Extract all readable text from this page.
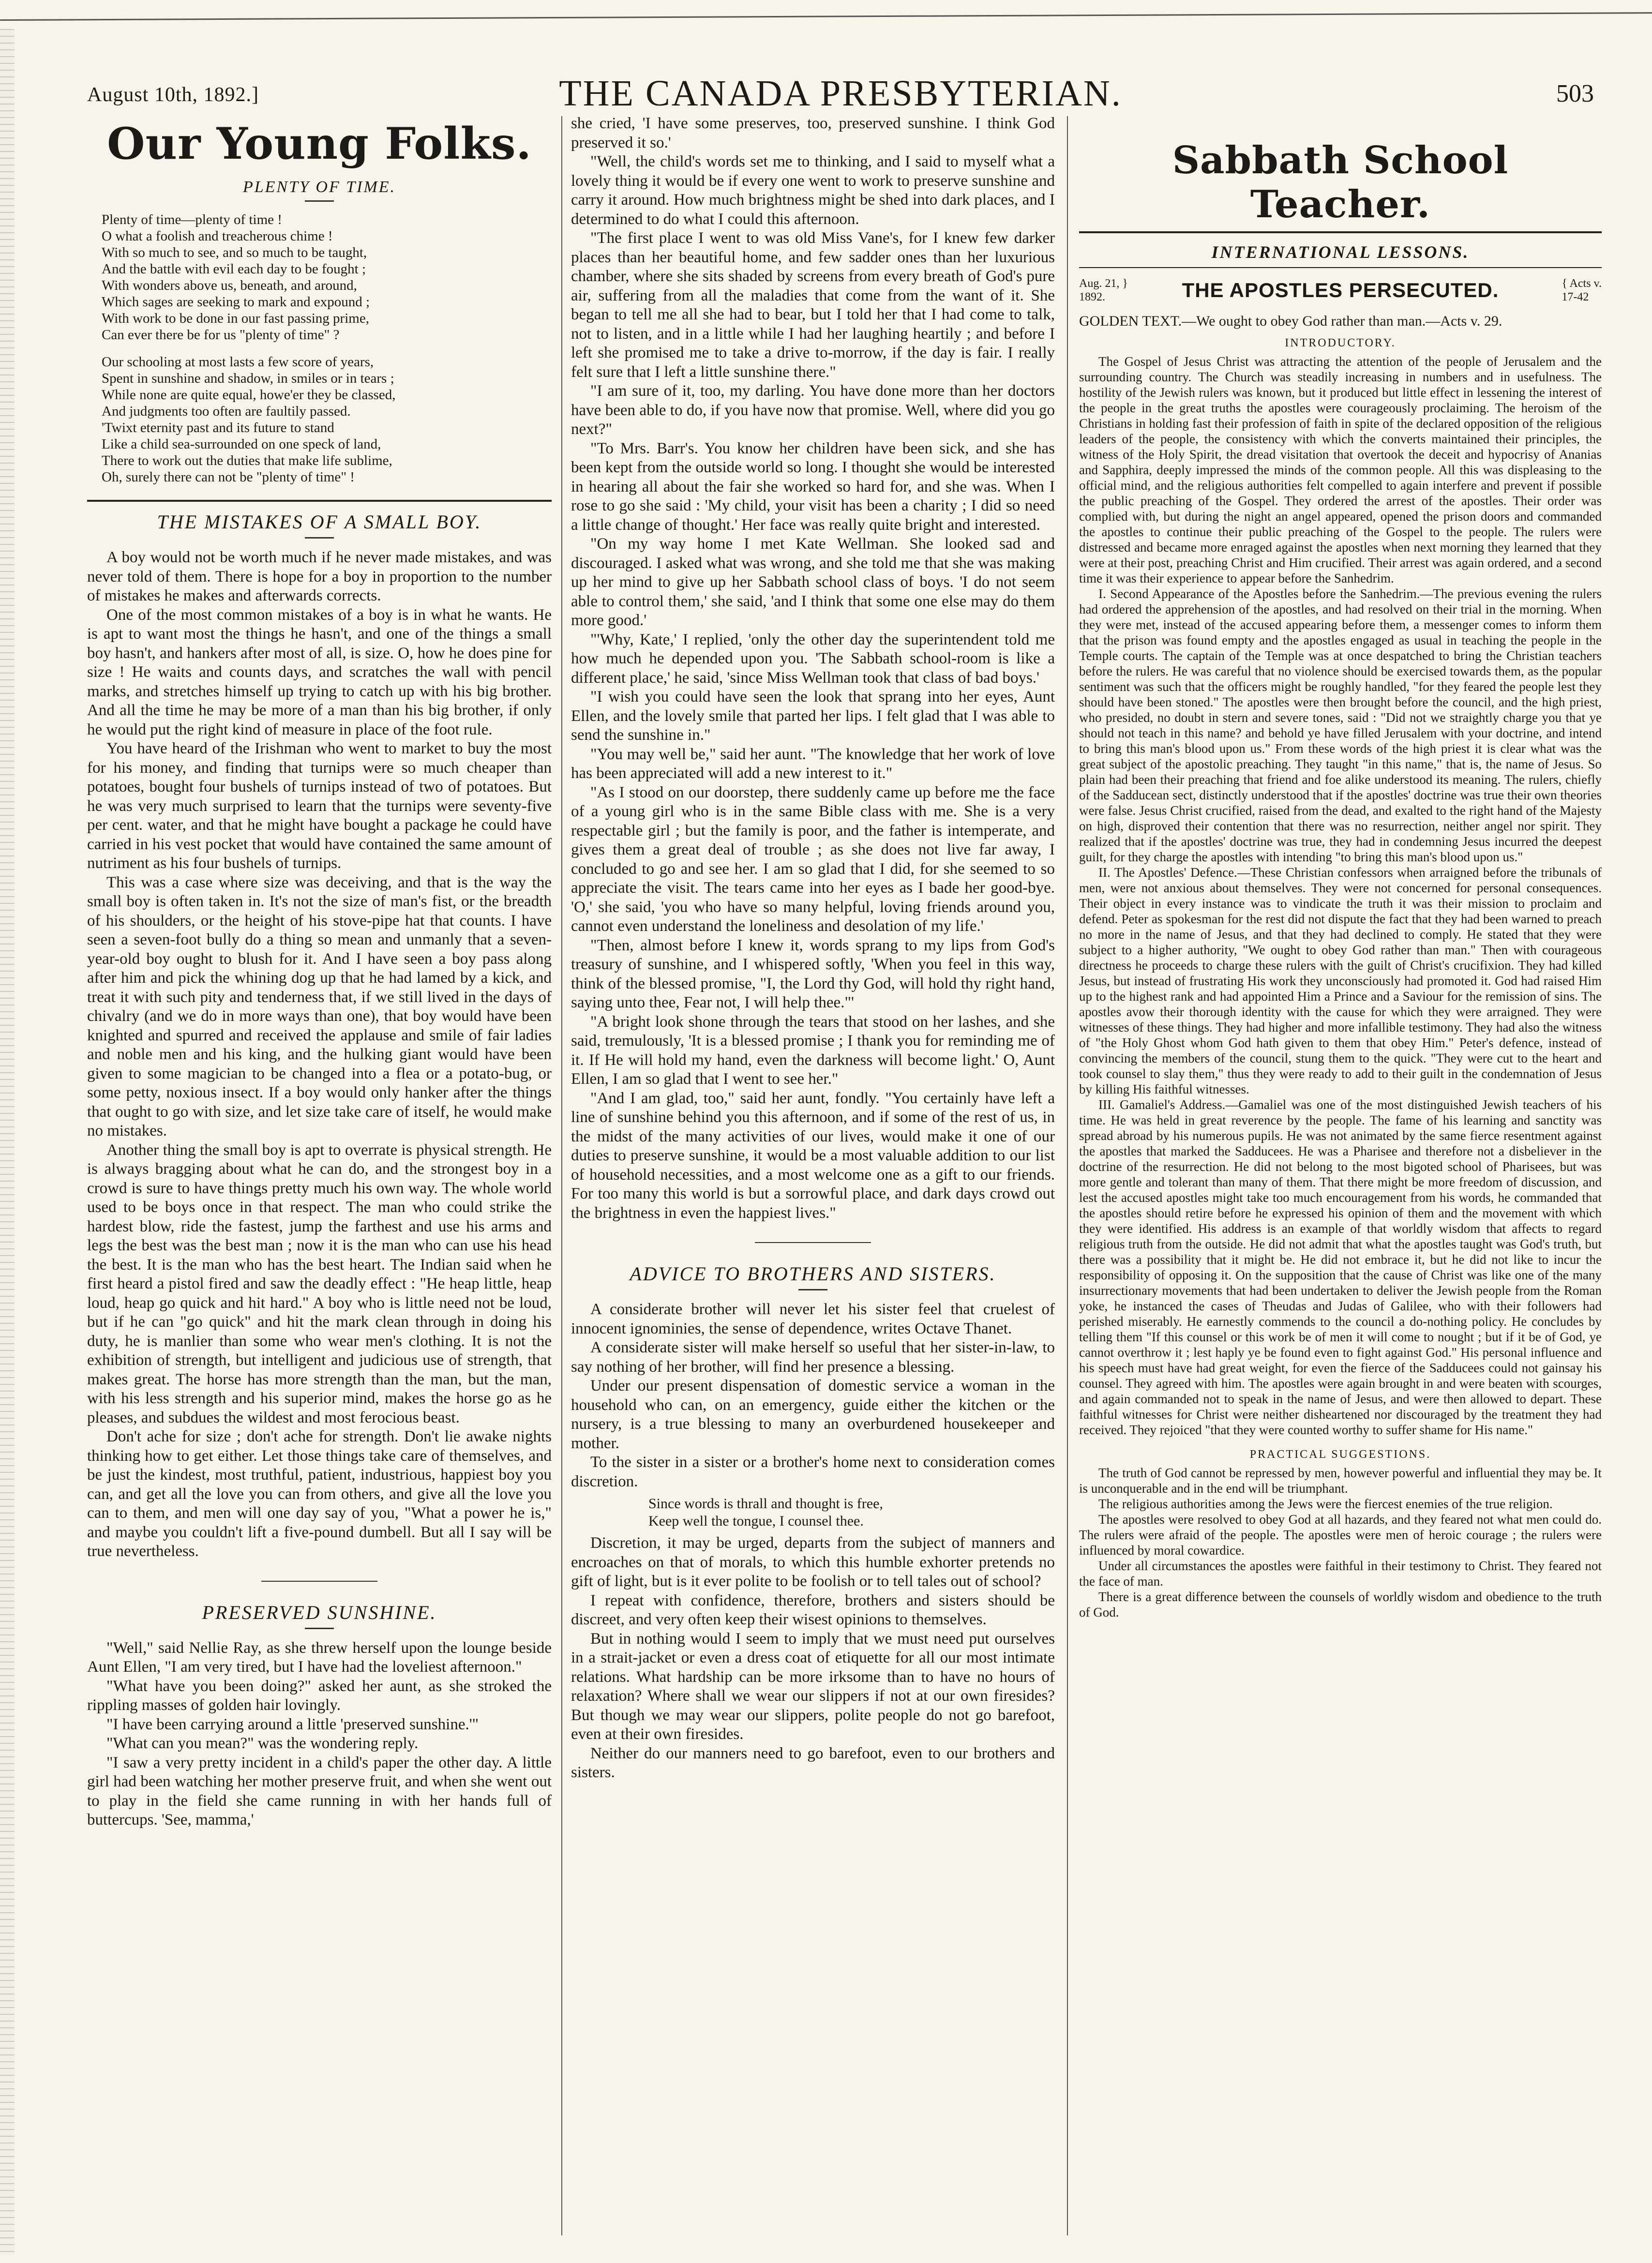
August 10th, 1892.]	THE CANADA PRESBYTERIAN.	503
Our Young Folks.
PLENTY OF TIME.
Plenty of time—plenty of time !
O what a foolish and treacherous chime !
With so much to see, and so much to be taught,
And the battle with evil each day to be fought ;
With wonders above us, beneath, and around,
Which sages are seeking to mark and expound ;
With work to be done in our fast passing prime,
Can ever there be for us "plenty of time" ?
Our schooling at most lasts a few score of years,
Spent in sunshine and shadow, in smiles or in tears ;
While none are quite equal, howe'er they be classed,
And judgments too often are faultily passed.
'Twixt eternity past and its future to stand
Like a child sea-surrounded on one speck of land,
There to work out the duties that make life sublime,
Oh, surely there can not be "plenty of time" !
THE MISTAKES OF A SMALL BOY.

A boy would not be worth much if he never made mistakes, and was never told of them. There is hope for a boy in proportion to the number of mistakes he makes and afterwards corrects.

One of the most common mistakes of a boy is in what he wants. He is apt to want most the things he hasn't, and one of the things a small boy hasn't, and hankers after most of all, is size. O, how he does pine for size ! He waits and counts days, and scratches the wall with pencil marks, and stretches himself up trying to catch up with his big brother. And all the time he may be more of a man than his big brother, if only he would put the right kind of measure in place of the foot rule.

You have heard of the Irishman who went to market to buy the most for his money, and finding that turnips were so much cheaper than potatoes, bought four bushels of turnips instead of two of potatoes. But he was very much surprised to learn that the turnips were seventy-five per cent. water, and that he might have bought a package he could have carried in his vest pocket that would have contained the same amount of nutriment as his four bushels of turnips.

This was a case where size was deceiving, and that is the way the small boy is often taken in. It's not the size of man's fist, or the breadth of his shoulders, or the height of his stove-pipe hat that counts. I have seen a seven-foot bully do a thing so mean and unmanly that a seven-year-old boy ought to blush for it. And I have seen a boy pass along after him and pick the whining dog up that he had lamed by a kick, and treat it with such pity and tenderness that, if we still lived in the days of chivalry (and we do in more ways than one), that boy would have been knighted and spurred and received the applause and smile of fair ladies and noble men and his king, and the hulking giant would have been given to some magician to be changed into a flea or a potato-bug, or some petty, noxious insect. If a boy would only hanker after the things that ought to go with size, and let size take care of itself, he would make no mistakes.

Another thing the small boy is apt to overrate is physical strength. He is always bragging about what he can do, and the strongest boy in a crowd is sure to have things pretty much his own way. The whole world used to be boys once in that respect. The man who could strike the hardest blow, ride the fastest, jump the farthest and use his arms and legs the best was the best man ; now it is the man who can use his head the best. It is the man who has the best heart. The Indian said when he first heard a pistol fired and saw the deadly effect : "He heap little, heap loud, heap go quick and hit hard." A boy who is little need not be loud, but if he can "go quick" and hit the mark clean through in doing his duty, he is manlier than some who wear men's clothing. It is not the exhibition of strength, but intelligent and judicious use of strength, that makes great. The horse has more strength than the man, but the man, with his less strength and his superior mind, makes the horse go as he pleases, and subdues the wildest and most ferocious beast.

Don't ache for size ; don't ache for strength. Don't lie awake nights thinking how to get either. Let those things take care of themselves, and be just the kindest, most truthful, patient, industrious, happiest boy you can, and get all the love you can from others, and give all the love you can to them, and men will one day say of you, "What a power he is," and maybe you couldn't lift a five-pound dumbell. But all I say will be true nevertheless.

PRESERVED SUNSHINE.

"Well," said Nellie Ray, as she threw herself upon the lounge beside Aunt Ellen, "I am very tired, but I have had the loveliest afternoon."

"What have you been doing?" asked her aunt, as she stroked the rippling masses of golden hair lovingly.

"I have been carrying around a little 'preserved sunshine.'"

"What can you mean?" was the wondering reply.

"I saw a very pretty incident in a child's paper the other day. A little girl had been watching her mother preserve fruit, and when she went out to play in the field she came running in with her hands full of buttercups. 'See, mamma,'

she cried, 'I have some preserves, too, preserved sunshine. I think God preserved it so.'

"Well, the child's words set me to thinking, and I said to myself what a lovely thing it would be if every one went to work to preserve sunshine and carry it around. How much brightness might be shed into dark places, and I determined to do what I could this afternoon.

"The first place I went to was old Miss Vane's, for I knew few darker places than her beautiful home, and few sadder ones than her luxurious chamber, where she sits shaded by screens from every breath of God's pure air, suffering from all the maladies that come from the want of it. She began to tell me all she had to bear, but I told her that I had come to talk, not to listen, and in a little while I had her laughing heartily ; and before I left she promised me to take a drive to-morrow, if the day is fair. I really felt sure that I left a little sunshine there."

"I am sure of it, too, my darling. You have done more than her doctors have been able to do, if you have now that promise. Well, where did you go next?"

"To Mrs. Barr's. You know her children have been sick, and she has been kept from the outside world so long. I thought she would be interested in hearing all about the fair she worked so hard for, and she was. When I rose to go she said : 'My child, your visit has been a charity ; I did so need a little change of thought.' Her face was really quite bright and interested.

"On my way home I met Kate Wellman. She looked sad and discouraged. I asked what was wrong, and she told me that she was making up her mind to give up her Sabbath school class of boys. 'I do not seem able to control them,' she said, 'and I think that some one else may do them more good.'

"'Why, Kate,' I replied, 'only the other day the superintendent told me how much he depended upon you. 'The Sabbath school-room is like a different place,' he said, 'since Miss Wellman took that class of bad boys.'

"I wish you could have seen the look that sprang into her eyes, Aunt Ellen, and the lovely smile that parted her lips. I felt glad that I was able to send the sunshine in."

"You may well be," said her aunt. "The knowledge that her work of love has been appreciated will add a new interest to it."

"As I stood on our doorstep, there suddenly came up before me the face of a young girl who is in the same Bible class with me. She is a very respectable girl ; but the family is poor, and the father is intemperate, and gives them a great deal of trouble ; as she does not live far away, I concluded to go and see her. I am so glad that I did, for she seemed to so appreciate the visit. The tears came into her eyes as I bade her good-bye. 'O,' she said, 'you who have so many helpful, loving friends around you, cannot even understand the loneliness and desolation of my life.'

"Then, almost before I knew it, words sprang to my lips from God's treasury of sunshine, and I whispered softly, 'When you feel in this way, think of the blessed promise, "I, the Lord thy God, will hold thy right hand, saying unto thee, Fear not, I will help thee."'

"A bright look shone through the tears that stood on her lashes, and she said, tremulously, 'It is a blessed promise ; I thank you for reminding me of it. If He will hold my hand, even the darkness will become light.' O, Aunt Ellen, I am so glad that I went to see her."

"And I am glad, too," said her aunt, fondly. "You certainly have left a line of sunshine behind you this afternoon, and if some of the rest of us, in the midst of the many activities of our lives, would make it one of our duties to preserve sunshine, it would be a most valuable addition to our list of household necessities, and a most welcome one as a gift to our friends. For too many this world is but a sorrowful place, and dark days crowd out the brightness in even the happiest lives."

ADVICE TO BROTHERS AND SISTERS.

A considerate brother will never let his sister feel that cruelest of innocent ignominies, the sense of dependence, writes Octave Thanet.

A considerate sister will make herself so useful that her sister-in-law, to say nothing of her brother, will find her presence a blessing.

Under our present dispensation of domestic service a woman in the household who can, on an emergency, guide either the kitchen or the nursery, is a true blessing to many an overburdened housekeeper and mother.

To the sister in a sister or a brother's home next to consideration comes discretion.

Since words is thrall and thought is free,
Keep well the tongue, I counsel thee.

Discretion, it may be urged, departs from the subject of manners and encroaches on that of morals, to which this humble exhorter pretends no gift of light, but is it ever polite to be foolish or to tell tales out of school?

I repeat with confidence, therefore, brothers and sisters should be discreet, and very often keep their wisest opinions to themselves.

But in nothing would I seem to imply that we must need put ourselves in a strait-jacket or even a dress coat of etiquette for all our most intimate relations. What hardship can be more irksome than to have no hours of relaxation? Where shall we wear our slippers if not at our own firesides? But though we may wear our slippers, polite people do not go barefoot, even at their own firesides.

Neither do our manners need to go barefoot, even to our brothers and sisters.

Sabbath School Teacher.
INTERNATIONAL LESSONS.
Aug. 21, }
1892.	THE APOSTLES PERSECUTED.	{ Acts v.
17-42
GOLDEN TEXT.—We ought to obey God rather than man.—Acts v. 29.
INTRODUCTORY.

The Gospel of Jesus Christ was attracting the attention of the people of Jerusalem and the surrounding country. The Church was steadily increasing in numbers and in usefulness. The hostility of the Jewish rulers was known, but it produced but little effect in lessening the interest of the people in the great truths the apostles were courageously proclaiming. The heroism of the Christians in holding fast their profession of faith in spite of the declared opposition of the religious leaders of the people, the consistency with which the converts maintained their principles, the witness of the Holy Spirit, the dread visitation that overtook the deceit and hypocrisy of Ananias and Sapphira, deeply impressed the minds of the common people. All this was displeasing to the official mind, and the religious authorities felt compelled to again interfere and prevent if possible the public preaching of the Gospel. They ordered the arrest of the apostles. Their order was complied with, but during the night an angel appeared, opened the prison doors and commanded the apostles to continue their public preaching of the Gospel to the people. The rulers were distressed and became more enraged against the apostles when next morning they learned that they were at their post, preaching Christ and Him crucified. Their arrest was again ordered, and a second time it was their experience to appear before the Sanhedrim.

I. Second Appearance of the Apostles before the Sanhedrim.—The previous evening the rulers had ordered the apprehension of the apostles, and had resolved on their trial in the morning. When they were met, instead of the accused appearing before them, a messenger comes to inform them that the prison was found empty and the apostles engaged as usual in teaching the people in the Temple courts. The captain of the Temple was at once despatched to bring the Christian teachers before the rulers. He was careful that no violence should be exercised towards them, as the popular sentiment was such that the officers might be roughly handled, "for they feared the people lest they should have been stoned." The apostles were then brought before the council, and the high priest, who presided, no doubt in stern and severe tones, said : "Did not we straightly charge you that ye should not teach in this name? and behold ye have filled Jerusalem with your doctrine, and intend to bring this man's blood upon us." From these words of the high priest it is clear what was the great subject of the apostolic preaching. They taught "in this name," that is, the name of Jesus. So plain had been their preaching that friend and foe alike understood its meaning. The rulers, chiefly of the Sadducean sect, distinctly understood that if the apostles' doctrine was true their own theories were false. Jesus Christ crucified, raised from the dead, and exalted to the right hand of the Majesty on high, disproved their contention that there was no resurrection, neither angel nor spirit. They realized that if the apostles' doctrine was true, they had in condemning Jesus incurred the deepest guilt, for they charge the apostles with intending "to bring this man's blood upon us."

II. The Apostles' Defence.—These Christian confessors when arraigned before the tribunals of men, were not anxious about themselves. They were not concerned for personal consequences. Their object in every instance was to vindicate the truth it was their mission to proclaim and defend. Peter as spokesman for the rest did not dispute the fact that they had been warned to preach no more in the name of Jesus, and that they had declined to comply. He stated that they were subject to a higher authority, "We ought to obey God rather than man." Then with courageous directness he proceeds to charge these rulers with the guilt of Christ's crucifixion. They had killed Jesus, but instead of frustrating His work they unconsciously had promoted it. God had raised Him up to the highest rank and had appointed Him a Prince and a Saviour for the remission of sins. The apostles avow their thorough identity with the cause for which they were arraigned. They were witnesses of these things. They had higher and more infallible testimony. They had also the witness of "the Holy Ghost whom God hath given to them that obey Him." Peter's defence, instead of convincing the members of the council, stung them to the quick. "They were cut to the heart and took counsel to slay them," thus they were ready to add to their guilt in the condemnation of Jesus by killing His faithful witnesses.

III. Gamaliel's Address.—Gamaliel was one of the most distinguished Jewish teachers of his time. He was held in great reverence by the people. The fame of his learning and sanctity was spread abroad by his numerous pupils. He was not animated by the same fierce resentment against the apostles that marked the Sadducees. He was a Pharisee and therefore not a disbeliever in the doctrine of the resurrection. He did not belong to the most bigoted school of Pharisees, but was more gentle and tolerant than many of them. That there might be more freedom of discussion, and lest the accused apostles might take too much encouragement from his words, he commanded that the apostles should retire before he expressed his opinion of them and the movement with which they were identified. His address is an example of that worldly wisdom that affects to regard religious truth from the outside. He did not admit that what the apostles taught was God's truth, but there was a possibility that it might be. He did not embrace it, but he did not like to incur the responsibility of opposing it. On the supposition that the cause of Christ was like one of the many insurrectionary movements that had been undertaken to deliver the Jewish people from the Roman yoke, he instanced the cases of Theudas and Judas of Galilee, who with their followers had perished miserably. He earnestly commends to the council a do-nothing policy. He concludes by telling them "If this counsel or this work be of men it will come to nought ; but if it be of God, ye cannot overthrow it ; lest haply ye be found even to fight against God." His personal influence and his speech must have had great weight, for even the fierce of the Sadducees could not gainsay his counsel. They agreed with him. The apostles were again brought in and were beaten with scourges, and again commanded not to speak in the name of Jesus, and were then allowed to depart. These faithful witnesses for Christ were neither disheartened nor discouraged by the treatment they had received. They rejoiced "that they were counted worthy to suffer shame for His name."

PRACTICAL SUGGESTIONS.

The truth of God cannot be repressed by men, however powerful and influential they may be. It is unconquerable and in the end will be triumphant.

The religious authorities among the Jews were the fiercest enemies of the true religion.

The apostles were resolved to obey God at all hazards, and they feared not what men could do. The rulers were afraid of the people. The apostles were men of heroic courage ; the rulers were influenced by moral cowardice.

Under all circumstances the apostles were faithful in their testimony to Christ. They feared not the face of man.

There is a great difference between the counsels of worldly wisdom and obedience to the truth of God.
